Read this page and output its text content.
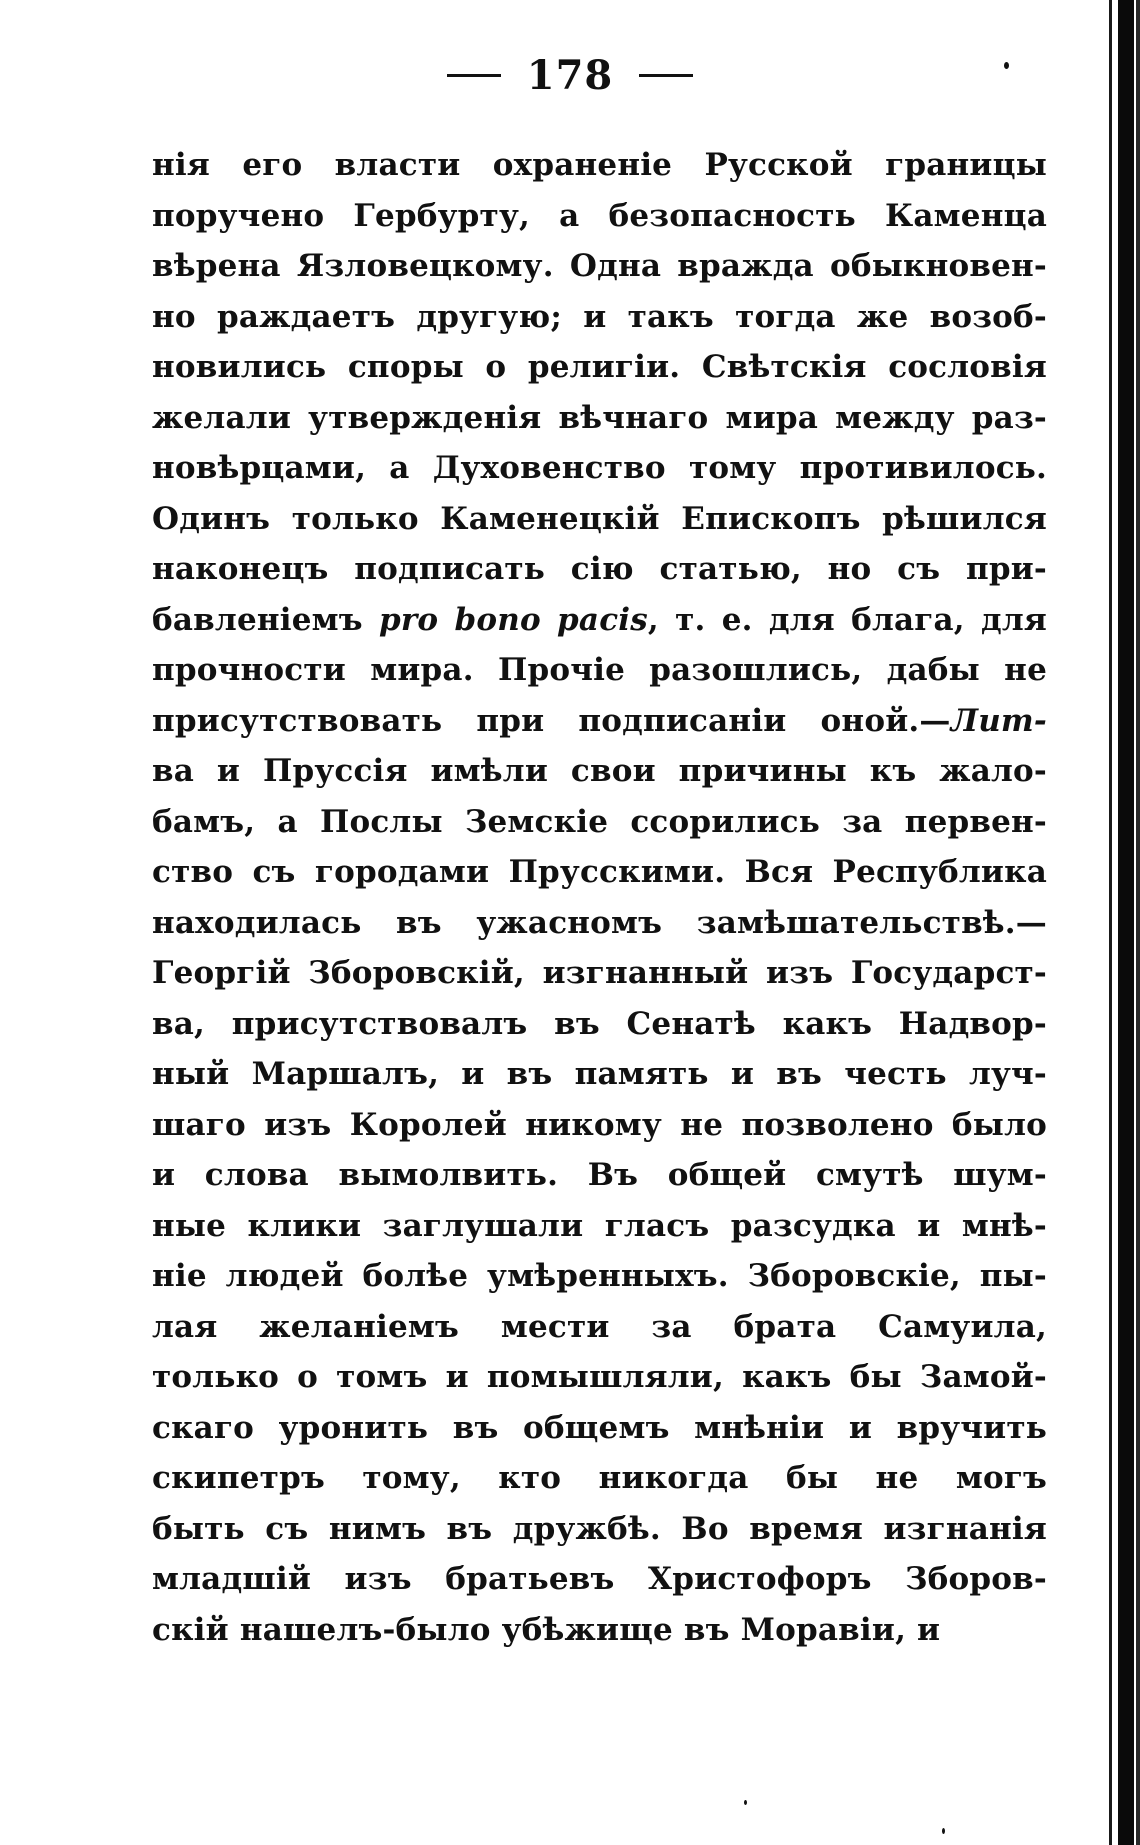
178
нія его власти охраненіе Русской границы
поручено Гербурту, а безопасность Каменца
вѣрена Язловецкому. Одна вражда обыкновен-
но раждаетъ другую; и такъ тогда же возоб-
новились споры о религіи. Свѣтскія сословія
желали утвержденія вѣчнаго мира между раз-
новѣрцами, а Духовенство тому противилось.
Одинъ только Каменецкій Епископъ рѣшился
наконецъ подписать сію статью, но съ при-
бавленіемъ pro bono pacis, т. е. для блага, для
прочности мира. Прочіе разошлись, дабы не
присутствовать при подписаніи оной.—Лит-
ва и Пруссія имѣли свои причины къ жало-
бамъ, а Послы Земскіе ссорились за первен-
ство съ городами Прусскими. Вся Республика
находилась въ ужасномъ замѣшательствѣ.—
Георгій Зборовскій, изгнанный изъ Государст-
ва, присутствовалъ въ Сенатѣ какъ Надвор-
ный Маршалъ, и въ память и въ честь луч-
шаго изъ Королей никому не позволено было
и слова вымолвить. Въ общей смутѣ шум-
ные клики заглушали гласъ разсудка и мнѣ-
ніе людей болѣе умѣренныхъ. Зборовскіе, пы-
лая желаніемъ мести за брата Самуила,
только о томъ и помышляли, какъ бы Замой-
скаго уронить въ общемъ мнѣніи и вручить
скипетръ тому, кто никогда бы не могъ
быть съ нимъ въ дружбѣ. Во время изгнанія
младшій изъ братьевъ Христофоръ Зборов-
скій нашелъ-было убѣжище въ Моравіи, и
